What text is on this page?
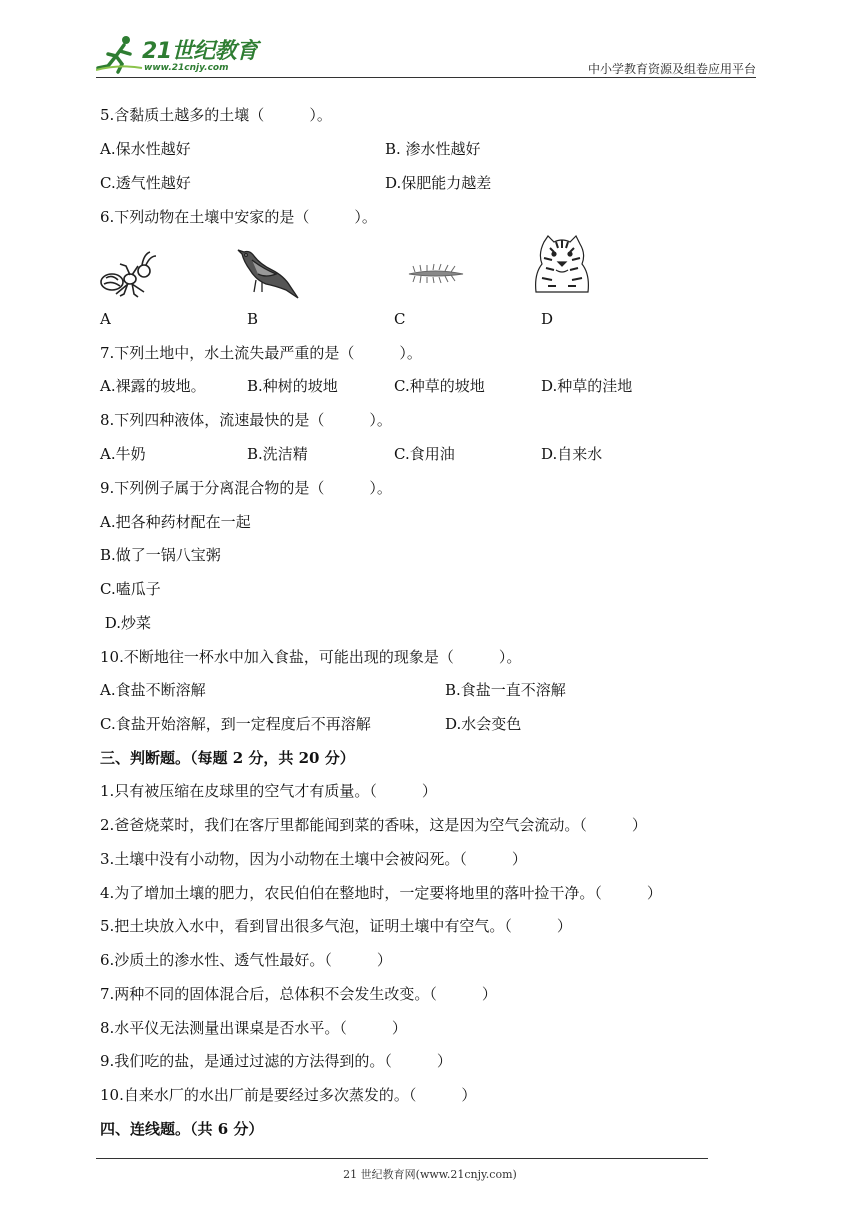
21世纪教育
www.21cnjy.com	中小学教育资源及组卷应用平台
5.含黏质土越多的土壤（　　　）。
A.保水性越好	B. 渗水性越好
C.透气性越好	D.保肥能力越差
6.下列动物在土壤中安家的是（　　　）。
A	B	C	D
7.下列土地中，水土流失最严重的是（　　　）。
A.裸露的坡地。	B.种树的坡地	C.种草的坡地	D.种草的洼地
8.下列四种液体，流速最快的是（　　　）。
A.牛奶	B.洗洁精	C.食用油	D.自来水
9.下列例子属于分离混合物的是（　　　）。
A.把各种药材配在一起
B.做了一锅八宝粥
C.嗑瓜子
D.炒菜
10.不断地往一杯水中加入食盐，可能出现的现象是（　　　）。
A.食盐不断溶解	B.食盐一直不溶解
C.食盐开始溶解，到一定程度后不再溶解	D.水会变色
三、判断题。（每题 2 分，共 20 分）
1.只有被压缩在皮球里的空气才有质量。（　　　）
2.爸爸烧菜时，我们在客厅里都能闻到菜的香味，这是因为空气会流动。（　　　）
3.土壤中没有小动物，因为小动物在土壤中会被闷死。（　　　）
4.为了增加土壤的肥力，农民伯伯在整地时，一定要将地里的落叶捡干净。（　　　）
5.把土块放入水中，看到冒出很多气泡，证明土壤中有空气。（　　　）
6.沙质土的渗水性、透气性最好。（　　　）
7.两种不同的固体混合后，总体积不会发生改变。（　　　）
8.水平仪无法测量出课桌是否水平。（　　　）
9.我们吃的盐，是通过过滤的方法得到的。（　　　）
10.自来水厂的水出厂前是要经过多次蒸发的。（　　　）
四、连线题。（共 6 分）
21 世纪教育网(www.21cnjy.com)
